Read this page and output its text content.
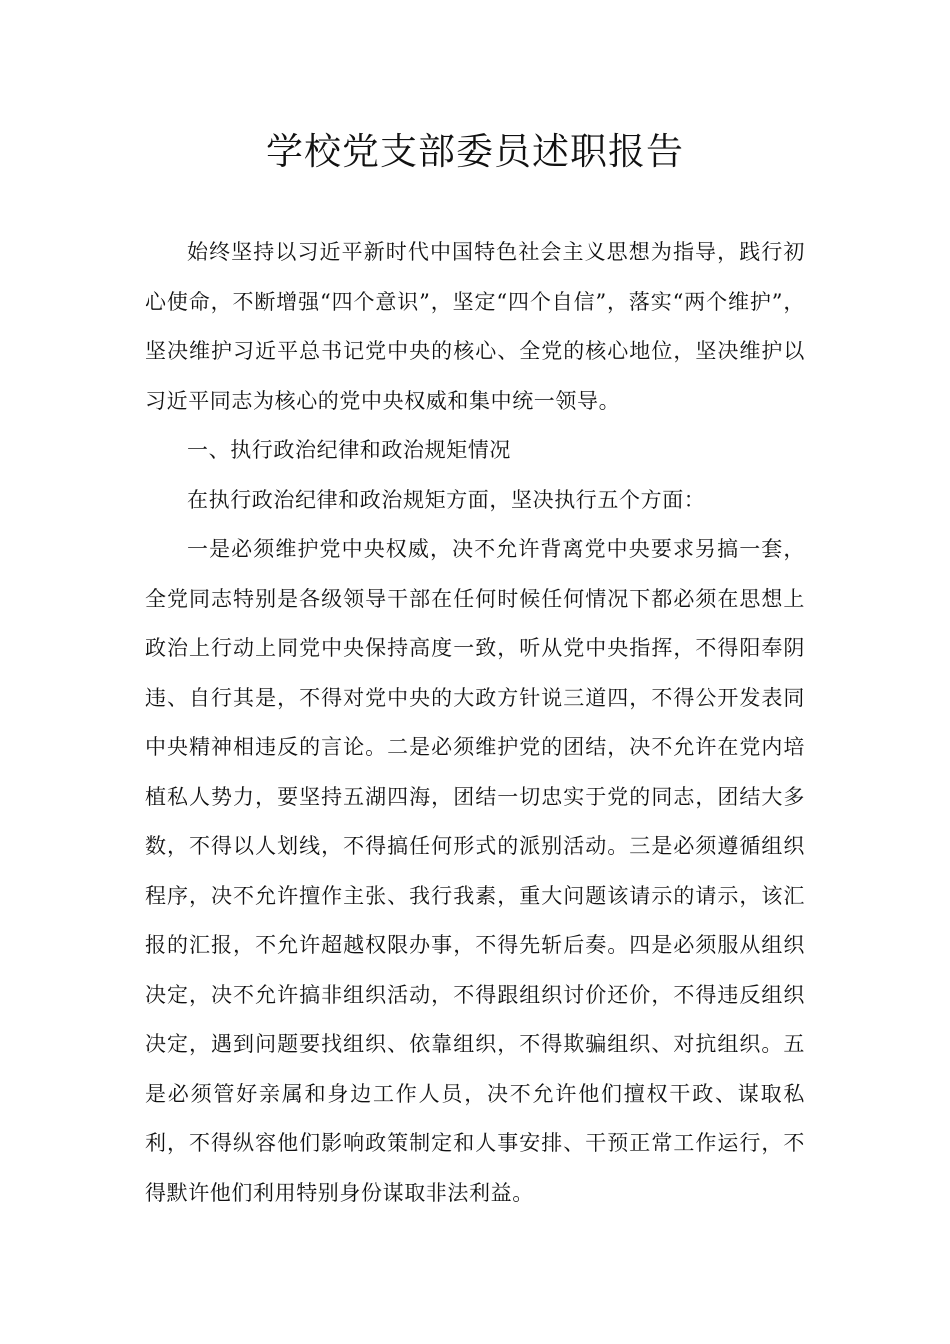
学校党支部委员述职报告

始终坚持以习近平新时代中国特色社会主义思想为指导，践行初心使命，不断增强“四个意识”，坚定“四个自信”，落实“两个维护”，坚决维护习近平总书记党中央的核心、全党的核心地位，坚决维护以习近平同志为核心的党中央权威和集中统一领导。

一、执行政治纪律和政治规矩情况

在执行政治纪律和政治规矩方面，坚决执行五个方面：

一是必须维护党中央权威，决不允许背离党中央要求另搞一套，全党同志特别是各级领导干部在任何时候任何情况下都必须在思想上政治上行动上同党中央保持高度一致，听从党中央指挥，不得阳奉阴违、自行其是，不得对党中央的大政方针说三道四，不得公开发表同中央精神相违反的言论。二是必须维护党的团结，决不允许在党内培植私人势力，要坚持五湖四海，团结一切忠实于党的同志，团结大多数，不得以人划线，不得搞任何形式的派别活动。三是必须遵循组织程序，决不允许擅作主张、我行我素，重大问题该请示的请示，该汇报的汇报，不允许超越权限办事，不得先斩后奏。四是必须服从组织决定，决不允许搞非组织活动，不得跟组织讨价还价，不得违反组织决定，遇到问题要找组织、依靠组织，不得欺骗组织、对抗组织。五是必须管好亲属和身边工作人员，决不允许他们擅权干政、谋取私利，不得纵容他们影响政策制定和人事安排、干预正常工作运行，不得默许他们利用特别身份谋取非法利益。
